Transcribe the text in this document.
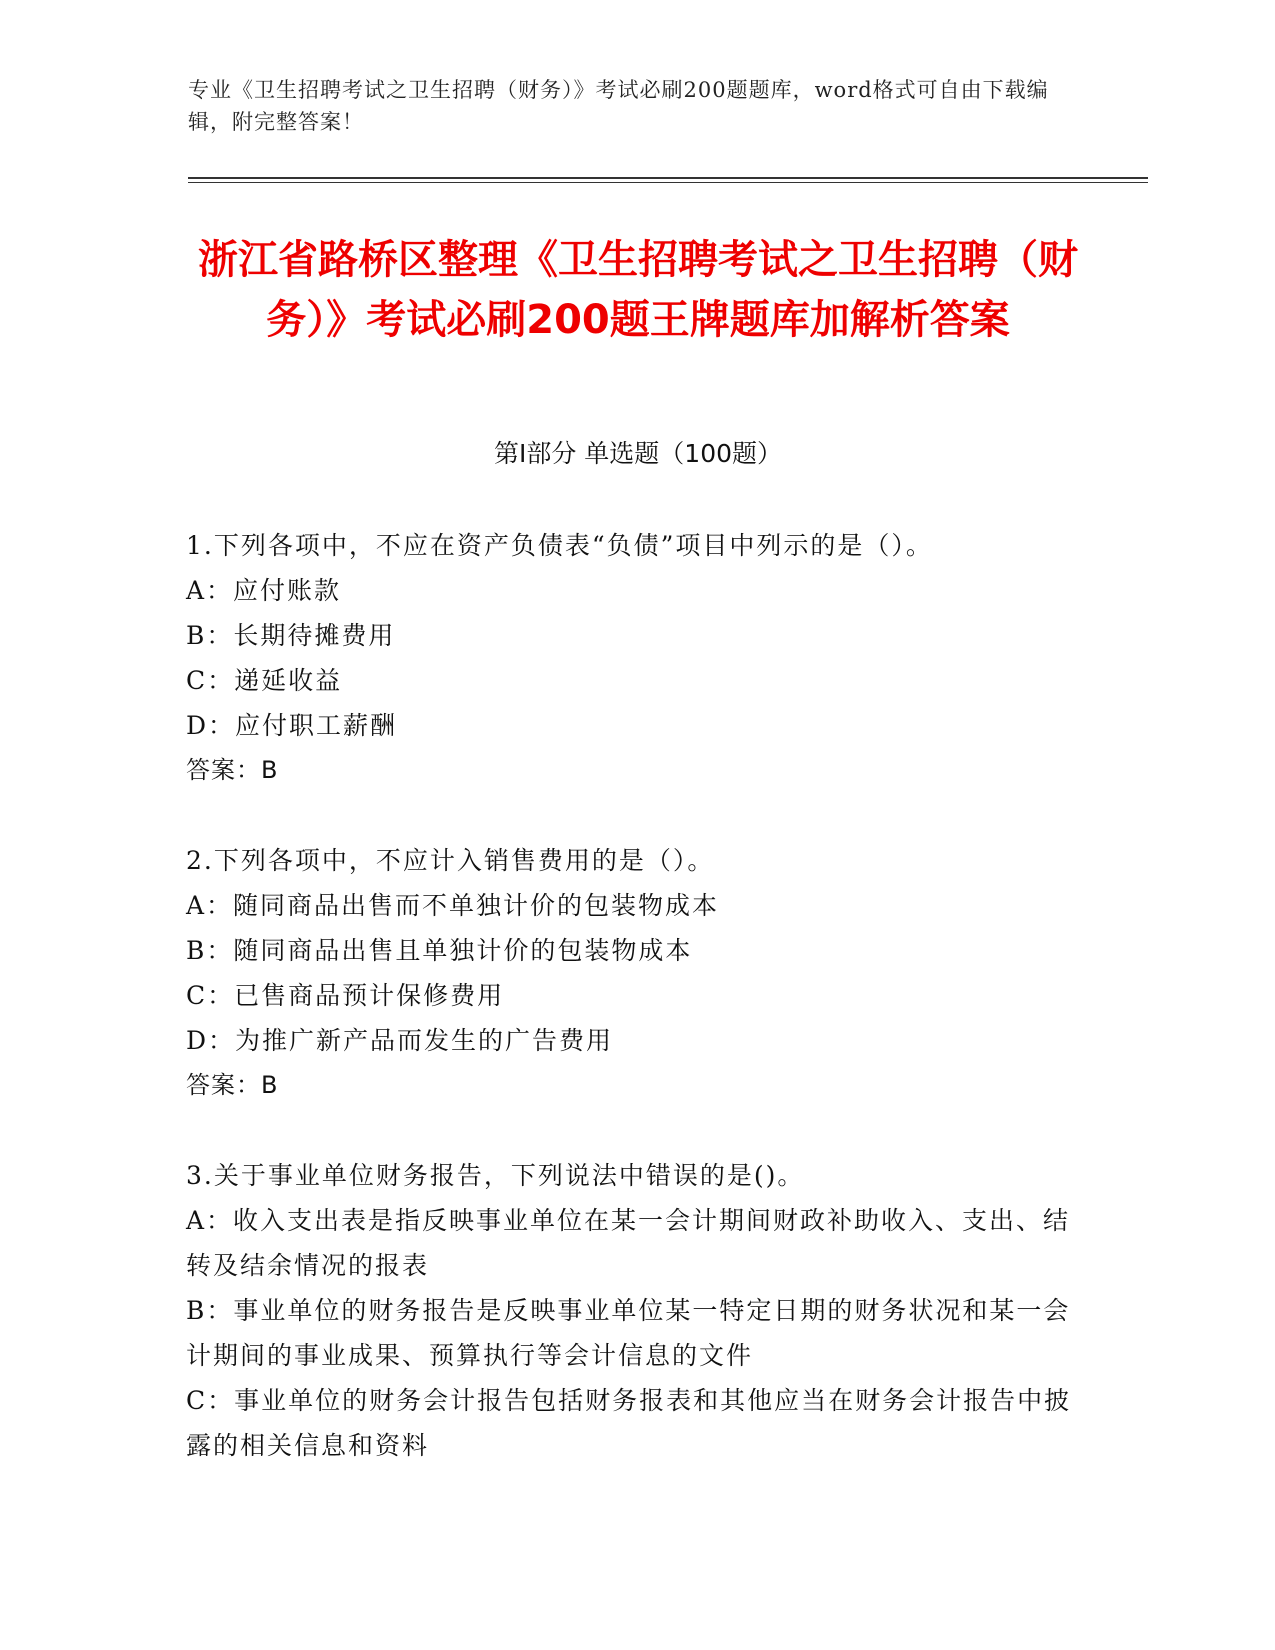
专业《卫生招聘考试之卫生招聘（财务）》考试必刷200题题库，word格式可自由下载编辑，附完整答案！
浙江省路桥区整理《卫生招聘考试之卫生招聘（财务）》考试必刷200题王牌题库加解析答案
第Ⅰ部分 单选题（100题）

1.下列各项中，不应在资产负债表“负债”项目中列示的是（）。

A：应付账款

B：长期待摊费用

C：递延收益

D：应付职工薪酬

答案：B

2.下列各项中，不应计入销售费用的是（）。

A：随同商品出售而不单独计价的包装物成本

B：随同商品出售且单独计价的包装物成本

C：已售商品预计保修费用

D：为推广新产品而发生的广告费用

答案：B

3.关于事业单位财务报告，下列说法中错误的是()。

A：收入支出表是指反映事业单位在某一会计期间财政补助收入、支出、结转及结余情况的报表

B：事业单位的财务报告是反映事业单位某一特定日期的财务状况和某一会计期间的事业成果、预算执行等会计信息的文件

C：事业单位的财务会计报告包括财务报表和其他应当在财务会计报告中披露的相关信息和资料
